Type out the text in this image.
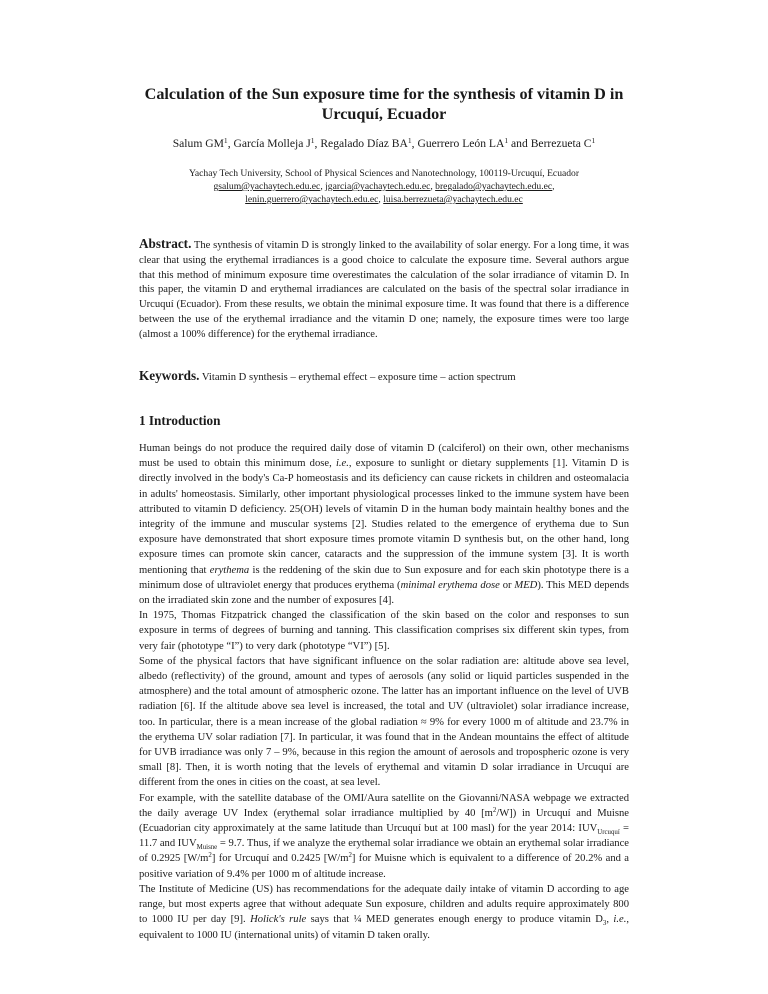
Calculation of the Sun exposure time for the synthesis of vitamin D in Urcuquí, Ecuador
Salum $GM^1$, García Molleja $J^1$, Regalado Díaz $BA^1$, Guerrero León $LA^1$ and Berrezueta $C^1$
Yachay Tech University, School of Physical Sciences and Nanotechnology, 100119-Urcuquí, Ecuador
gsalum@yachaytech.edu.ec, jgarcia@yachaytech.edu.ec, bregalado@yachaytech.edu.ec,
lenin.guerrero@yachaytech.edu.ec, luisa.berrezueta@yachaytech.edu.ec
Abstract. The synthesis of vitamin D is strongly linked to the availability of solar energy. For a long time, it was clear that using the erythemal irradiances is a good choice to calculate the exposure time. Several authors argue that this method of minimum exposure time overestimates the calculation of the solar irradiance of vitamin D. In this paper, the vitamin D and erythemal irradiances are calculated on the basis of the spectral solar irradiance in Urcuquí (Ecuador). From these results, we obtain the minimal exposure time. It was found that there is a difference between the use of the erythemal irradiance and the vitamin D one; namely, the exposure times were too large (almost a 100% difference) for the erythemal irradiance.
Keywords. Vitamin D synthesis – erythemal effect – exposure time – action spectrum
1 Introduction

Human beings do not produce the required daily dose of vitamin D (calciferol) on their own, other mechanisms must be used to obtain this minimum dose, i.e., exposure to sunlight or dietary supplements [1]. Vitamin D is directly involved in the body's Ca-P homeostasis and its deficiency can cause rickets in children and osteomalacia in adults' homeostasis. Similarly, other important physiological processes linked to the immune system have been attributed to vitamin D deficiency. 25(OH) levels of vitamin D in the human body maintain healthy bones and the integrity of the immune and muscular systems [2]. Studies related to the emergence of erythema due to Sun exposure have demonstrated that short exposure times promote vitamin D synthesis but, on the other hand, long exposure times can promote skin cancer, cataracts and the suppression of the immune system [3]. It is worth mentioning that erythema is the reddening of the skin due to Sun exposure and for each skin phototype there is a minimum dose of ultraviolet energy that produces erythema (minimal erythema dose or MED). This MED depends on the irradiated skin zone and the number of exposures [4].

In 1975, Thomas Fitzpatrick changed the classification of the skin based on the color and responses to sun exposure in terms of degrees of burning and tanning. This classification comprises six different skin types, from very fair (phototype “I”) to very dark (phototype “VI”) [5].

Some of the physical factors that have significant influence on the solar radiation are: altitude above sea level, albedo (reflectivity) of the ground, amount and types of aerosols (any solid or liquid particles suspended in the atmosphere) and the total amount of atmospheric ozone. The latter has an important influence on the level of UVB radiation [6]. If the altitude above sea level is increased, the total and UV (ultraviolet) solar irradiance increase, too. In particular, there is a mean increase of the global radiation ≈ 9% for every 1000 m of altitude and 23.7% in the erythema UV solar radiation [7]. In particular, it was found that in the Andean mountains the effect of altitude for UVB irradiance was only 7 – 9%, because in this region the amount of aerosols and tropospheric ozone is very small [8]. Then, it is worth noting that the levels of erythemal and vitamin D solar irradiance in Urcuquí are different from the ones in cities on the coast, at sea level.

For example, with the satellite database of the OMI/Aura satellite on the Giovanni/NASA webpage we extracted the daily average UV Index (erythemal solar irradiance multiplied by 40 $[m^2/W]$) in Urcuquí and Muisne (Ecuadorian city approximately at the same latitude than Urcuquí but at 100 masl) for the year 2014: $IUV_{Urcuquí} = 11.7$ and $IUV_{Muisne} = 9.7$. Thus, if we analyze the erythemal solar irradiance we obtain an erythemal solar irradiance of 0.2925 $[W/m^2]$ for Urcuquí and 0.2425 $[W/m^2]$ for Muisne which is equivalent to a difference of 20.2% and a positive variation of 9.4% per 1000 m of altitude increase.

The Institute of Medicine (US) has recommendations for the adequate daily intake of vitamin D according to age range, but most experts agree that without adequate Sun exposure, children and adults require approximately 800 to 1000 IU per day [9]. Holick's rule says that ¼ MED generates enough energy to produce vitamin $D_3$, i.e., equivalent to 1000 IU (international units) of vitamin D taken orally.
